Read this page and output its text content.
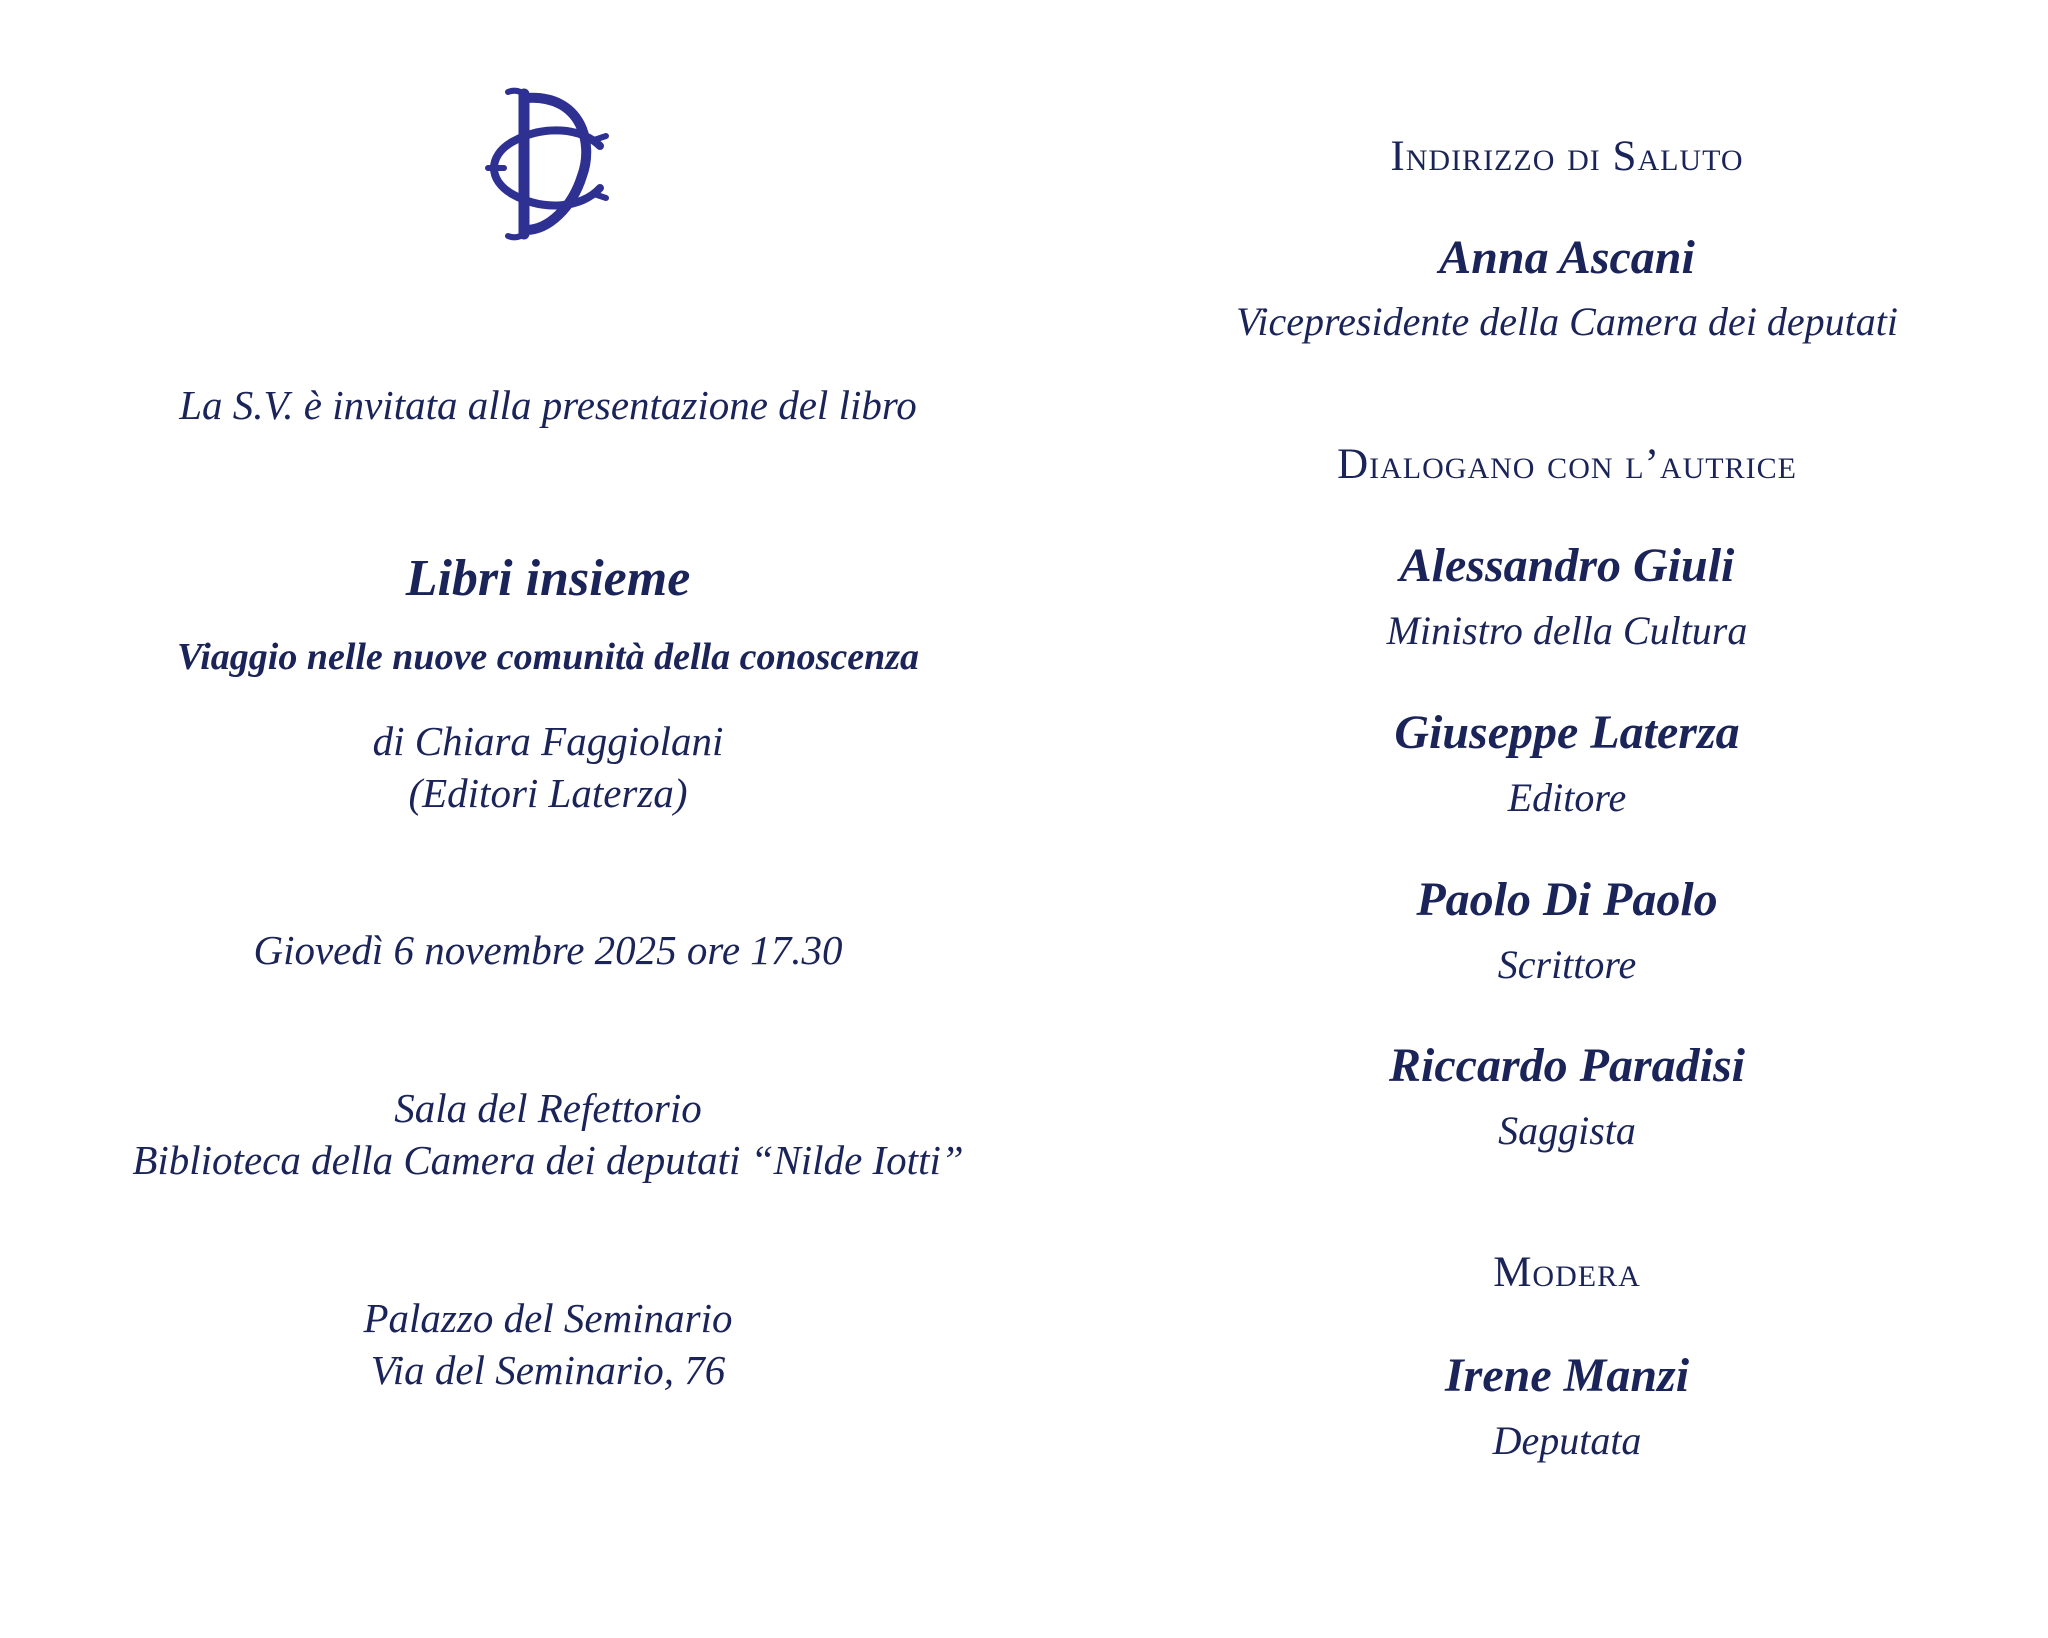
La S.V. è invitata alla presentazione del libro
Libri insieme
Viaggio nelle nuove comunità della conoscenza
di Chiara Faggiolani
(Editori Laterza)
Giovedì 6 novembre 2025 ore 17.30
Sala del Refettorio
Biblioteca della Camera dei deputati “Nilde Iotti”
Palazzo del Seminario
Via del Seminario, 76
Indirizzo di Saluto
Anna Ascani
Vicepresidente della Camera dei deputati
Dialogano con l’autrice
Alessandro Giuli
Ministro della Cultura
Giuseppe Laterza
Editore
Paolo Di Paolo
Scrittore
Riccardo Paradisi
Saggista
Modera
Irene Manzi
Deputata
